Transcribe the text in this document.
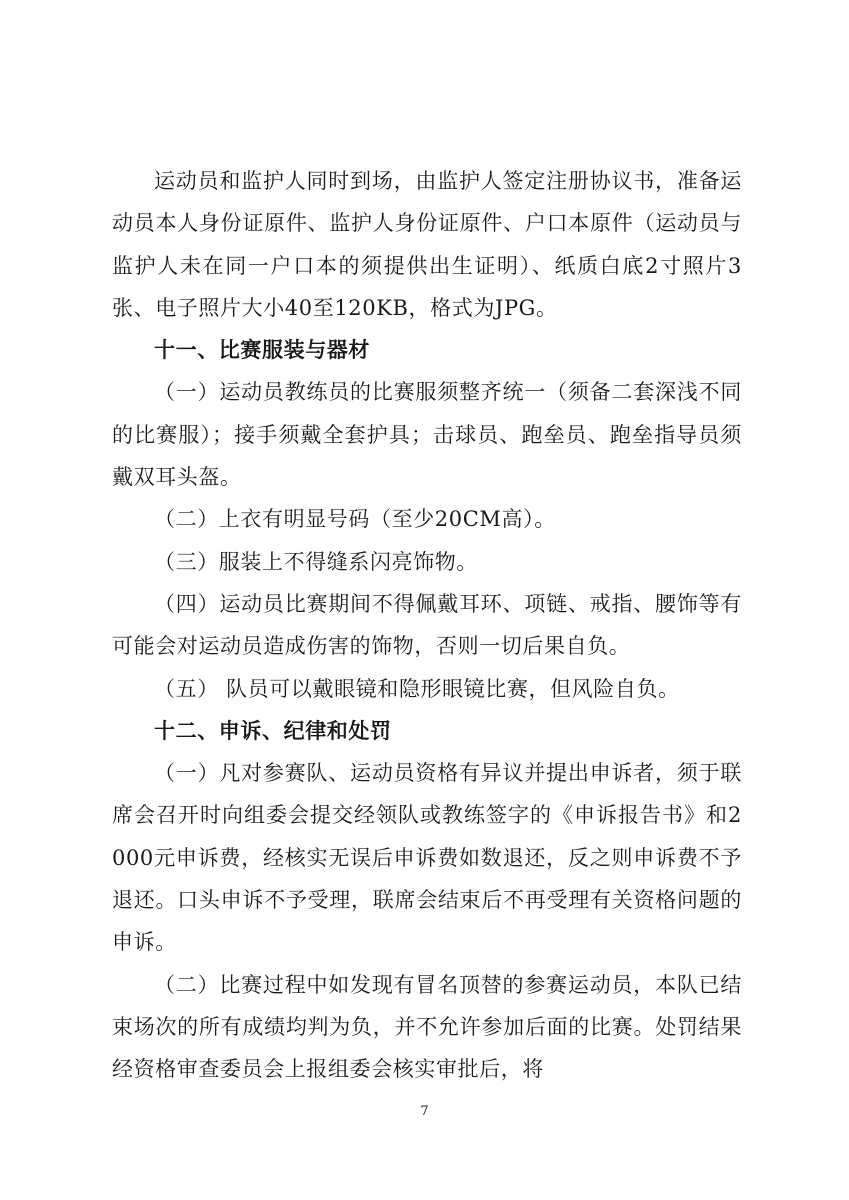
运动员和监护人同时到场，由监护人签定注册协议书，准备运动员本人身份证原件、监护人身份证原件、户口本原件（运动员与监护人未在同一户口本的须提供出生证明）、纸质白底2寸照片3张、电子照片大小40至120KB，格式为JPG。

十一、比赛服装与器材

（一）运动员教练员的比赛服须整齐统一（须备二套深浅不同的比赛服）；接手须戴全套护具；击球员、跑垒员、跑垒指导员须戴双耳头盔。

（二）上衣有明显号码（至少20CM高）。

（三）服装上不得缝系闪亮饰物。

（四）运动员比赛期间不得佩戴耳环、项链、戒指、腰饰等有可能会对运动员造成伤害的饰物，否则一切后果自负。

（五） 队员可以戴眼镜和隐形眼镜比赛，但风险自负。

十二、申诉、纪律和处罚

（一）凡对参赛队、运动员资格有异议并提出申诉者，须于联席会召开时向组委会提交经领队或教练签字的《申诉报告书》和2000元申诉费，经核实无误后申诉费如数退还，反之则申诉费不予退还。口头申诉不予受理，联席会结束后不再受理有关资格问题的申诉。

（二）比赛过程中如发现有冒名顶替的参赛运动员，本队已结束场次的所有成绩均判为负，并不允许参加后面的比赛。处罚结果经资格审查委员会上报组委会核实审批后，将

7
